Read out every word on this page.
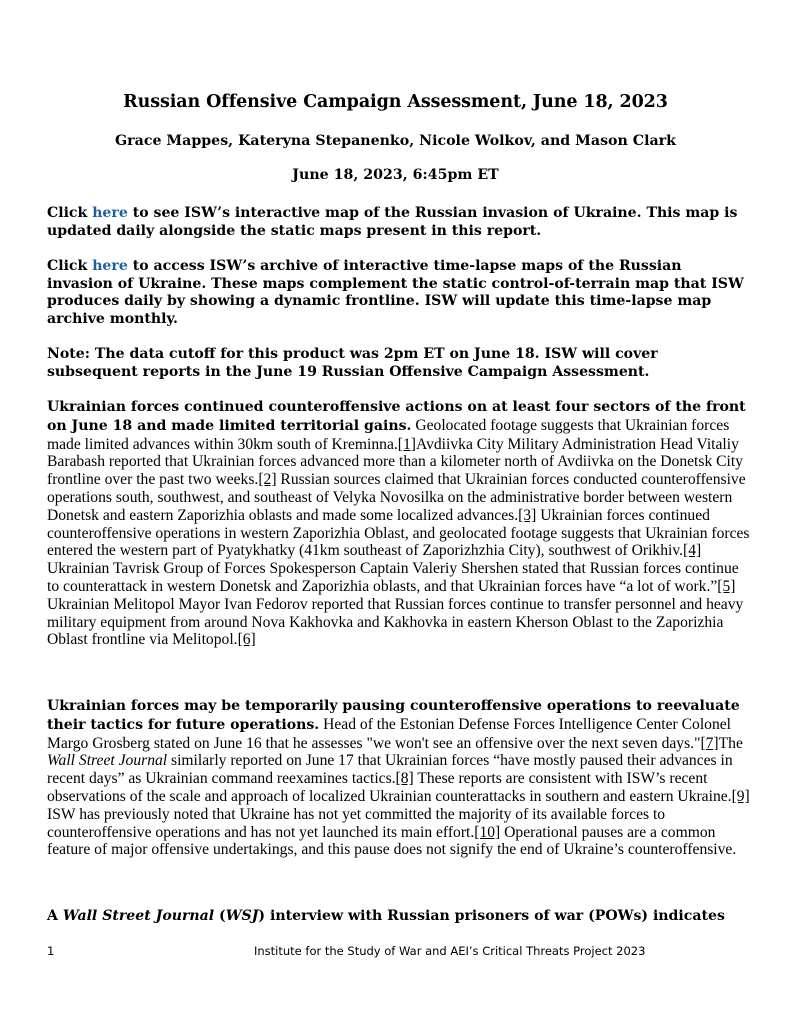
Russian Offensive Campaign Assessment, June 18, 2023
Grace Mappes, Kateryna Stepanenko, Nicole Wolkov, and Mason Clark
June 18, 2023, 6:45pm ET

Click here to see ISW’s interactive map of the Russian invasion of Ukraine. This map is updated daily alongside the static maps present in this report.

Click here to access ISW’s archive of interactive time-lapse maps of the Russian invasion of Ukraine. These maps complement the static control-of-terrain map that ISW produces daily by showing a dynamic frontline. ISW will update this time-lapse map archive monthly.

Note: The data cutoff for this product was 2pm ET on June 18. ISW will cover subsequent reports in the June 19 Russian Offensive Campaign Assessment.

Ukrainian forces continued counteroffensive actions on at least four sectors of the front on June 18 and made limited territorial gains. Geolocated footage suggests that Ukrainian forces made limited advances within 30km south of Kreminna.[1]Avdiivka City Military Administration Head Vitaliy Barabash reported that Ukrainian forces advanced more than a kilometer north of Avdiivka on the Donetsk City frontline over the past two weeks.[2] Russian sources claimed that Ukrainian forces conducted counteroffensive operations south, southwest, and southeast of Velyka Novosilka on the administrative border between western Donetsk and eastern Zaporizhia oblasts and made some localized advances.[3] Ukrainian forces continued counteroffensive operations in western Zaporizhia Oblast, and geolocated footage suggests that Ukrainian forces entered the western part of Pyatykhatky (41km southeast of Zaporizhzhia City), southwest of Orikhiv.[4] Ukrainian Tavrisk Group of Forces Spokesperson Captain Valeriy Shershen stated that Russian forces continue to counterattack in western Donetsk and Zaporizhia oblasts, and that Ukrainian forces have “a lot of work.”[5] Ukrainian Melitopol Mayor Ivan Fedorov reported that Russian forces continue to transfer personnel and heavy military equipment from around Nova Kakhovka and Kakhovka in eastern Kherson Oblast to the Zaporizhia Oblast frontline via Melitopol.[6]

Ukrainian forces may be temporarily pausing counteroffensive operations to reevaluate their tactics for future operations. Head of the Estonian Defense Forces Intelligence Center Colonel Margo Grosberg stated on June 16 that he assesses "we won't see an offensive over the next seven days."[7]The Wall Street Journal similarly reported on June 17 that Ukrainian forces “have mostly paused their advances in recent days” as Ukrainian command reexamines tactics.[8] These reports are consistent with ISW’s recent observations of the scale and approach of localized Ukrainian counterattacks in southern and eastern Ukraine.[9] ISW has previously noted that Ukraine has not yet committed the majority of its available forces to counteroffensive operations and has not yet launched its main effort.[10] Operational pauses are a common feature of major offensive undertakings, and this pause does not signify the end of Ukraine’s counteroffensive.

A Wall Street Journal (WSJ) interview with Russian prisoners of war (POWs) indicates

1	Institute for the Study of War and AEI’s Critical Threats Project 2023
